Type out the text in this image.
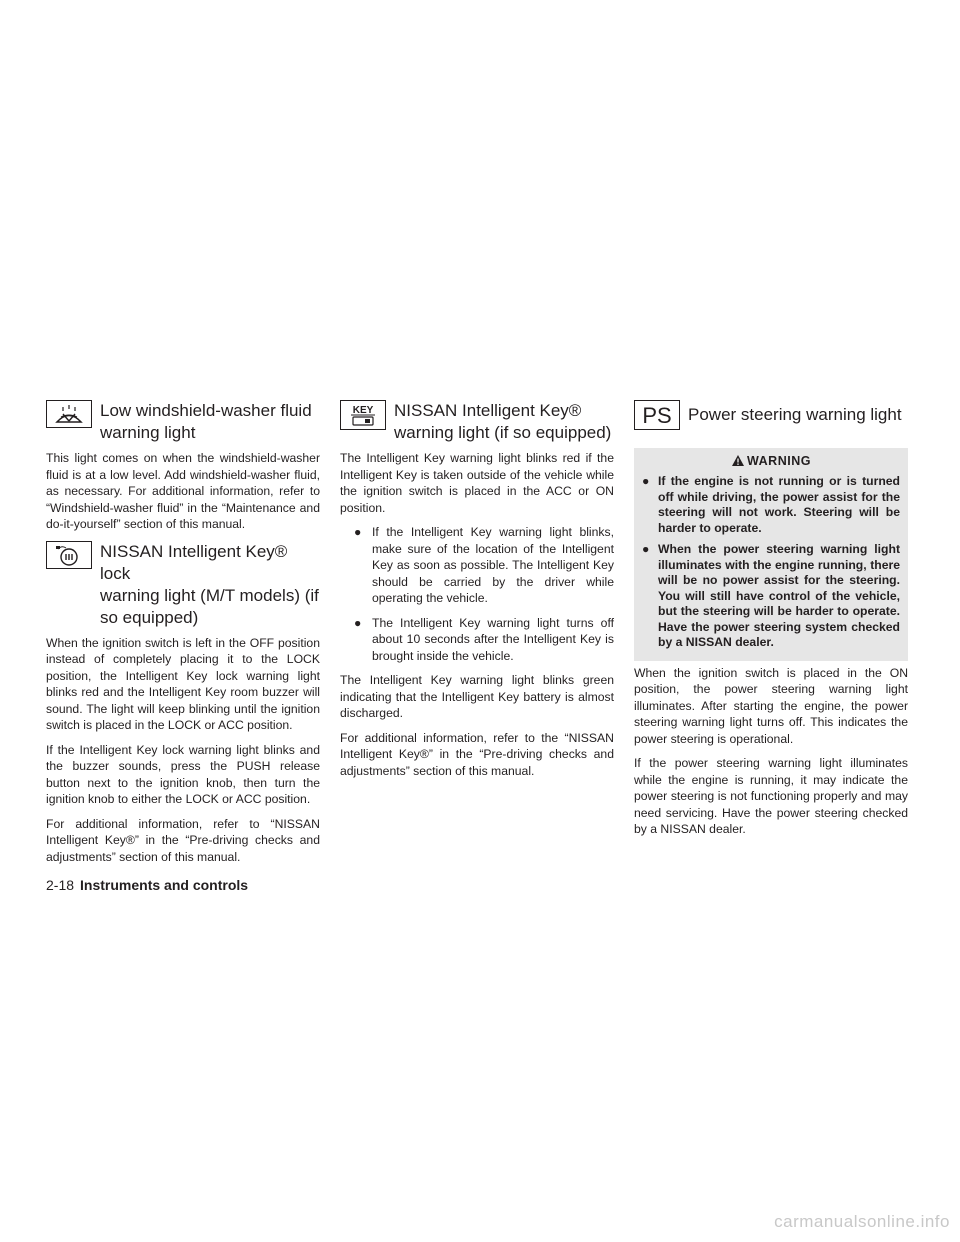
Low windshield-washer fluid
warning light

This light comes on when the windshield-washer fluid is at a low level. Add windshield-washer fluid, as necessary. For additional information, refer to “Windshield-washer fluid” in the “Maintenance and do-it-yourself” section of this manual.

NISSAN Intelligent Key® lock
warning light (M/T models) (if
so equipped)

When the ignition switch is left in the OFF position instead of completely placing it to the LOCK position, the Intelligent Key lock warning light blinks red and the Intelligent Key room buzzer will sound. The light will keep blinking until the ignition switch is placed in the LOCK or ACC position.

If the Intelligent Key lock warning light blinks and the buzzer sounds, press the PUSH release button next to the ignition knob, then turn the ignition knob to either the LOCK or ACC position.

For additional information, refer to “NISSAN Intelligent Key®” in the “Pre-driving checks and adjustments” section of this manual.

KEY NISSAN Intelligent Key®
warning light (if so equipped)

The Intelligent Key warning light blinks red if the Intelligent Key is taken outside of the vehicle while the ignition switch is placed in the ACC or ON position.

● If the Intelligent Key warning light blinks, make sure of the location of the Intelligent Key as soon as possible. The Intelligent Key should be carried by the driver while operating the vehicle.
● The Intelligent Key warning light turns off about 10 seconds after the Intelligent Key is brought inside the vehicle.

The Intelligent Key warning light blinks green indicating that the Intelligent Key battery is almost discharged.

For additional information, refer to the “NISSAN Intelligent Key®” in the “Pre-driving checks and adjustments” section of this manual.

PS Power steering warning light
WARNING
● If the engine is not running or is turned off while driving, the power assist for the steering will not work. Steering will be harder to operate.
● When the power steering warning light illuminates with the engine running, there will be no power assist for the steering. You will still have control of the vehicle, but the steering will be harder to operate. Have the power steering system checked by a NISSAN dealer.

When the ignition switch is placed in the ON position, the power steering warning light illuminates. After starting the engine, the power steering warning light turns off. This indicates the power steering is operational.

If the power steering warning light illuminates while the engine is running, it may indicate the power steering is not functioning properly and may need servicing. Have the power steering checked by a NISSAN dealer.

2-18 Instruments and controls
carmanualsonline.info
